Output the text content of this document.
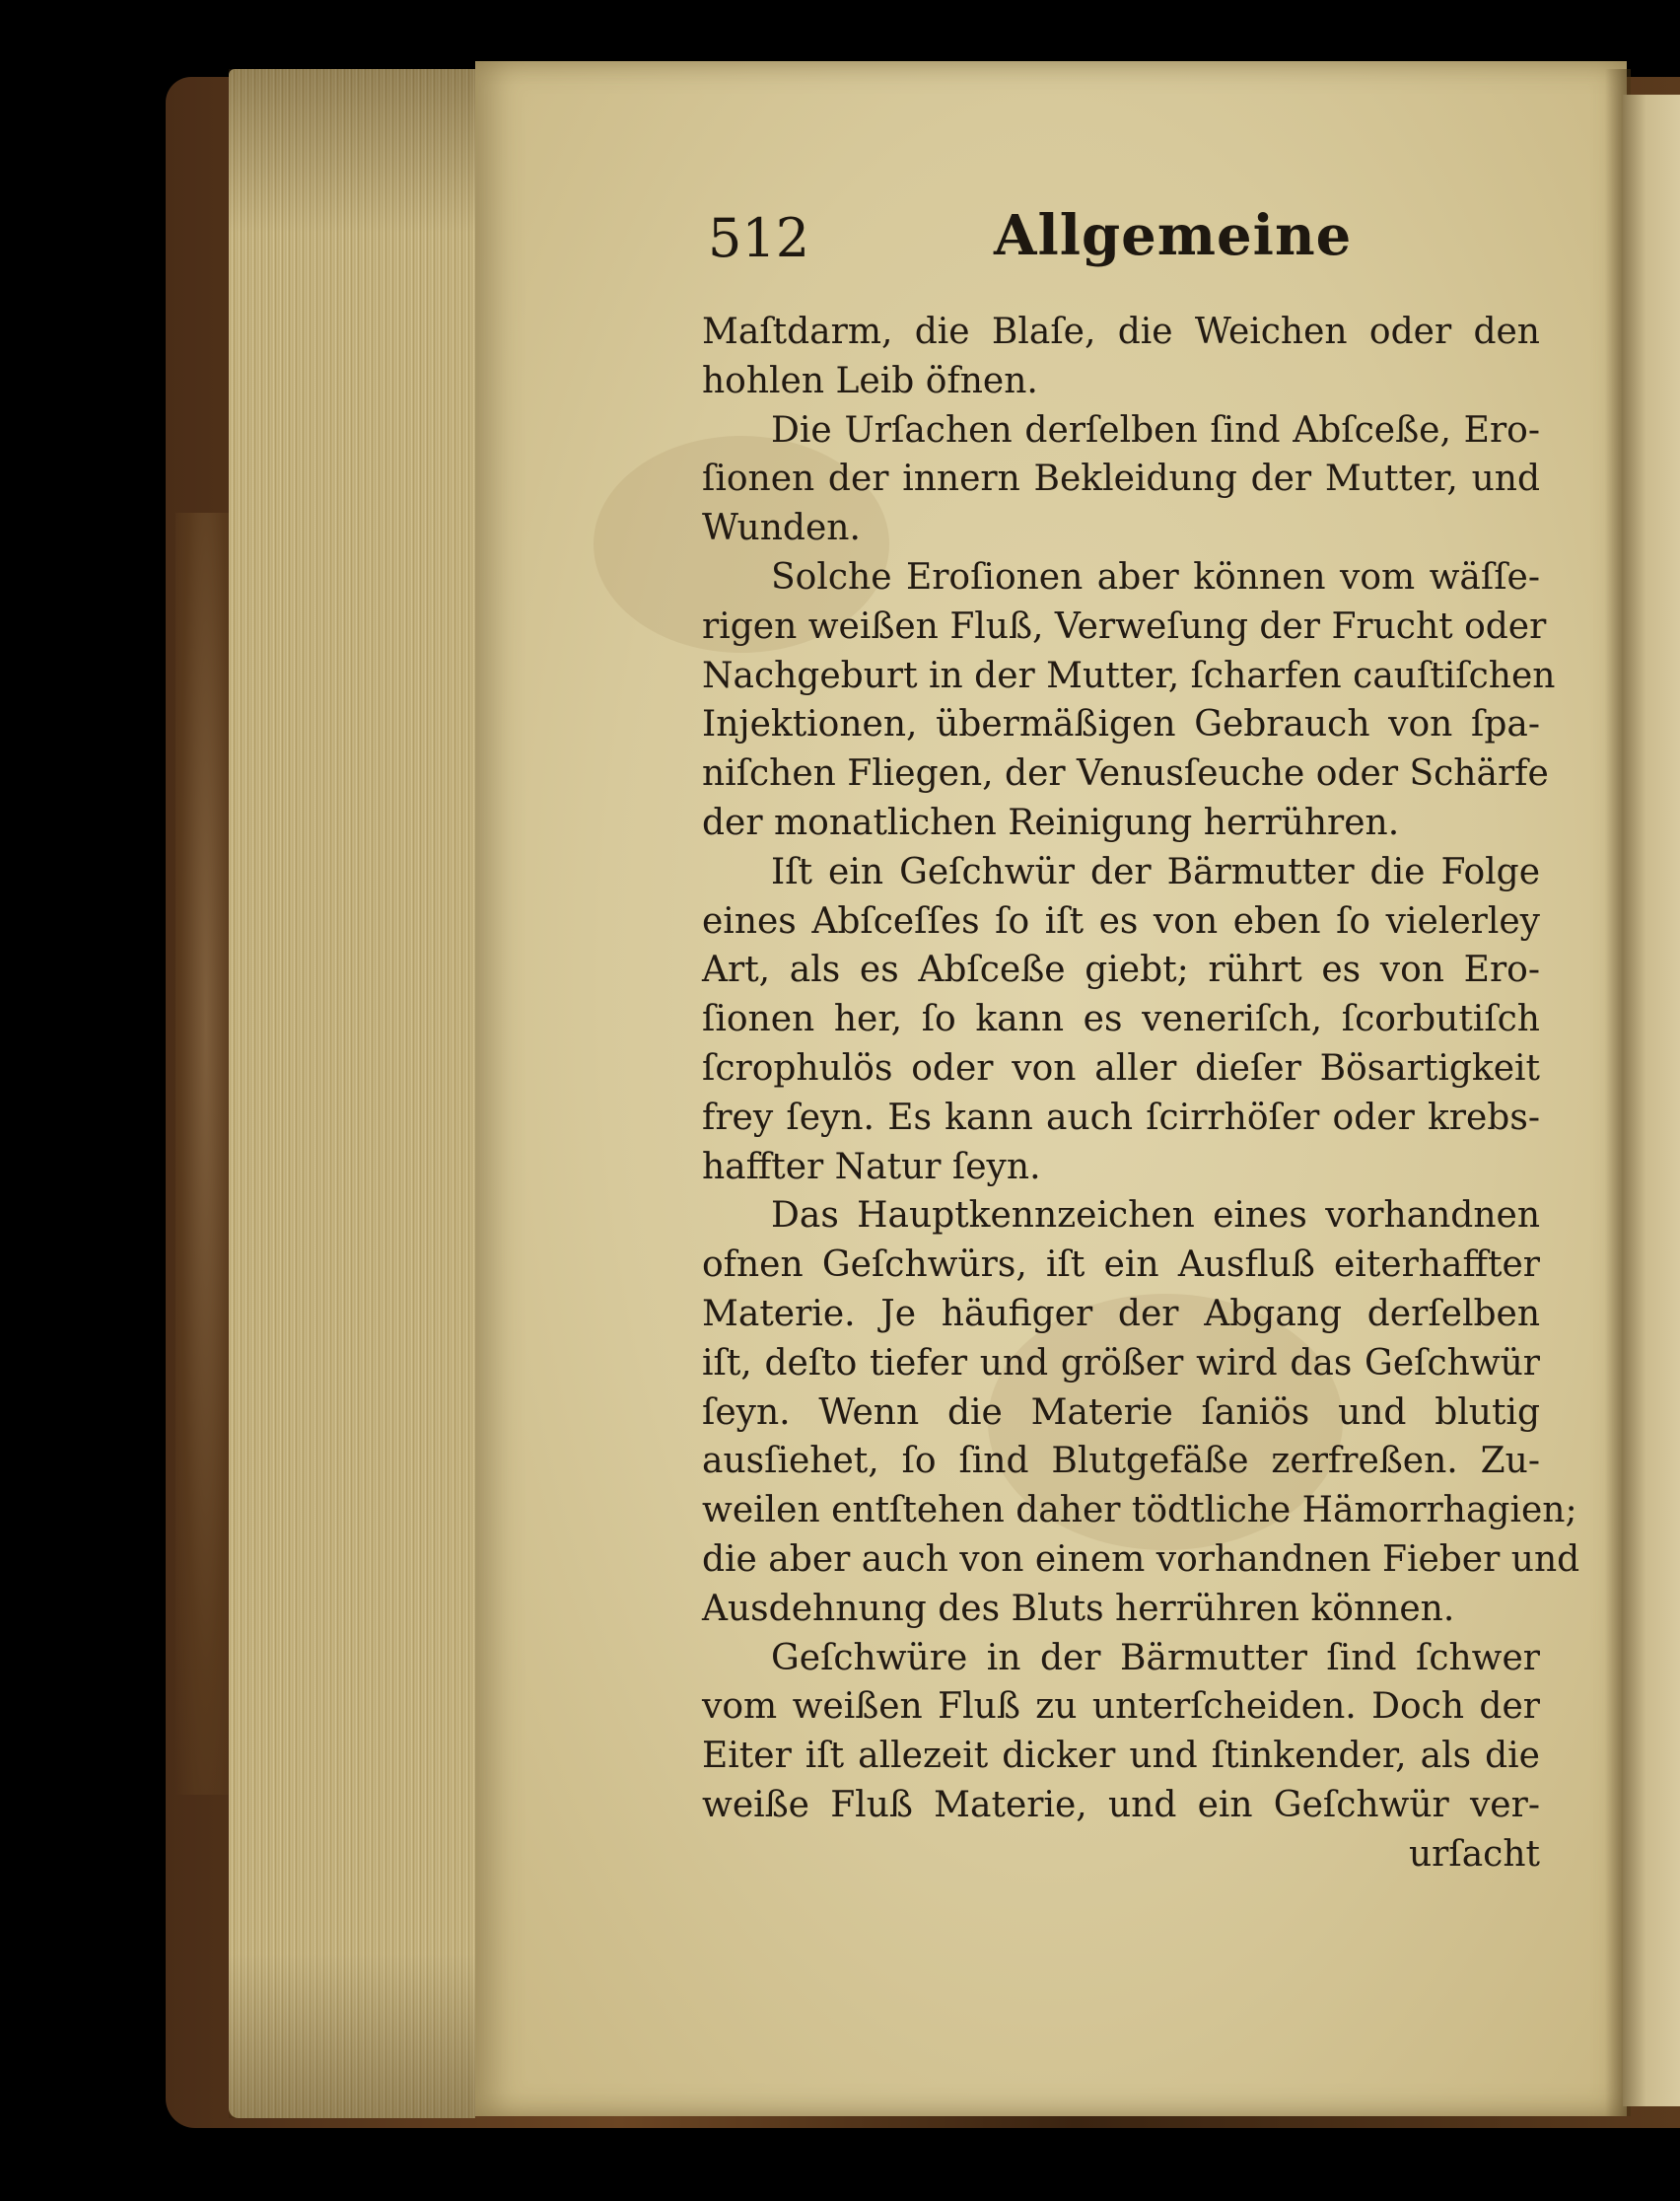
512	Allgemeine
Maſtdarm, die Blaſe, die Weichen oder den
hohlen Leib öfnen.
Die Urſachen derſelben ſind Abſceße, Ero-
ſionen der innern Bekleidung der Mutter, und
Wunden.
Solche Eroſionen aber können vom wäſſe-
rigen weißen Fluß, Verweſung der Frucht oder
Nachgeburt in der Mutter, ſcharfen cauſtiſchen
Injektionen, übermäßigen Gebrauch von ſpa-
niſchen Fliegen, der Venusſeuche oder Schärfe
der monatlichen Reinigung herrühren.
Iſt ein Geſchwür der Bärmutter die Folge
eines Abſceſſes ſo iſt es von eben ſo vielerley
Art, als es Abſceße giebt; rührt es von Ero-
ſionen her, ſo kann es veneriſch, ſcorbutiſch
ſcrophulös oder von aller dieſer Bösartigkeit
frey ſeyn. Es kann auch ſcirrhöſer oder krebs-
haffter Natur ſeyn.
Das Hauptkennzeichen eines vorhandnen
ofnen Geſchwürs, iſt ein Ausfluß eiterhaffter
Materie. Je häufiger der Abgang derſelben
iſt, deſto tiefer und größer wird das Geſchwür
ſeyn. Wenn die Materie ſaniös und blutig
ausſiehet, ſo ſind Blutgefäße zerfreßen. Zu-
weilen entſtehen daher tödtliche Hämorrhagien;
die aber auch von einem vorhandnen Fieber und
Ausdehnung des Bluts herrühren können.
Geſchwüre in der Bärmutter ſind ſchwer
vom weißen Fluß zu unterſcheiden. Doch der
Eiter iſt allezeit dicker und ſtinkender, als die
weiße Fluß Materie, und ein Geſchwür ver-
urſacht
